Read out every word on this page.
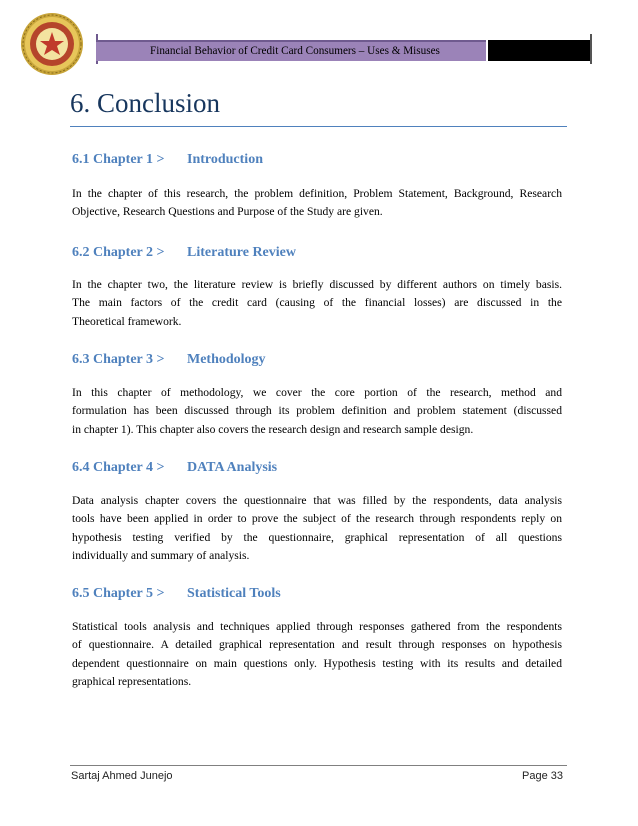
Financial Behavior of Credit Card Consumers – Uses & Misuses
6. Conclusion
6.1 Chapter 1 > Introduction
In the chapter of this research, the problem definition, Problem Statement, Background, Research
Objective, Research Questions and Purpose of the Study are given.
6.2 Chapter 2 > Literature Review
In the chapter two, the literature review is briefly discussed by different authors on timely basis.
The main factors of the credit card (causing of the financial losses) are discussed in the
Theoretical framework.
6.3 Chapter 3 > Methodology
In this chapter of methodology, we cover the core portion of the research, method and
formulation has been discussed through its problem definition and problem statement (discussed
in chapter 1). This chapter also covers the research design and research sample design.
6.4 Chapter 4 > DATA Analysis
Data analysis chapter covers the questionnaire that was filled by the respondents, data analysis
tools have been applied in order to prove the subject of the research through respondents reply on
hypothesis testing verified by the questionnaire, graphical representation of all questions
individually and summary of analysis.
6.5 Chapter 5 > Statistical Tools
Statistical tools analysis and techniques applied through responses gathered from the respondents
of questionnaire. A detailed graphical representation and result through responses on hypothesis
dependent questionnaire on main questions only. Hypothesis testing with its results and detailed
graphical representations.
Sartaj Ahmed Junejo	Page 33
